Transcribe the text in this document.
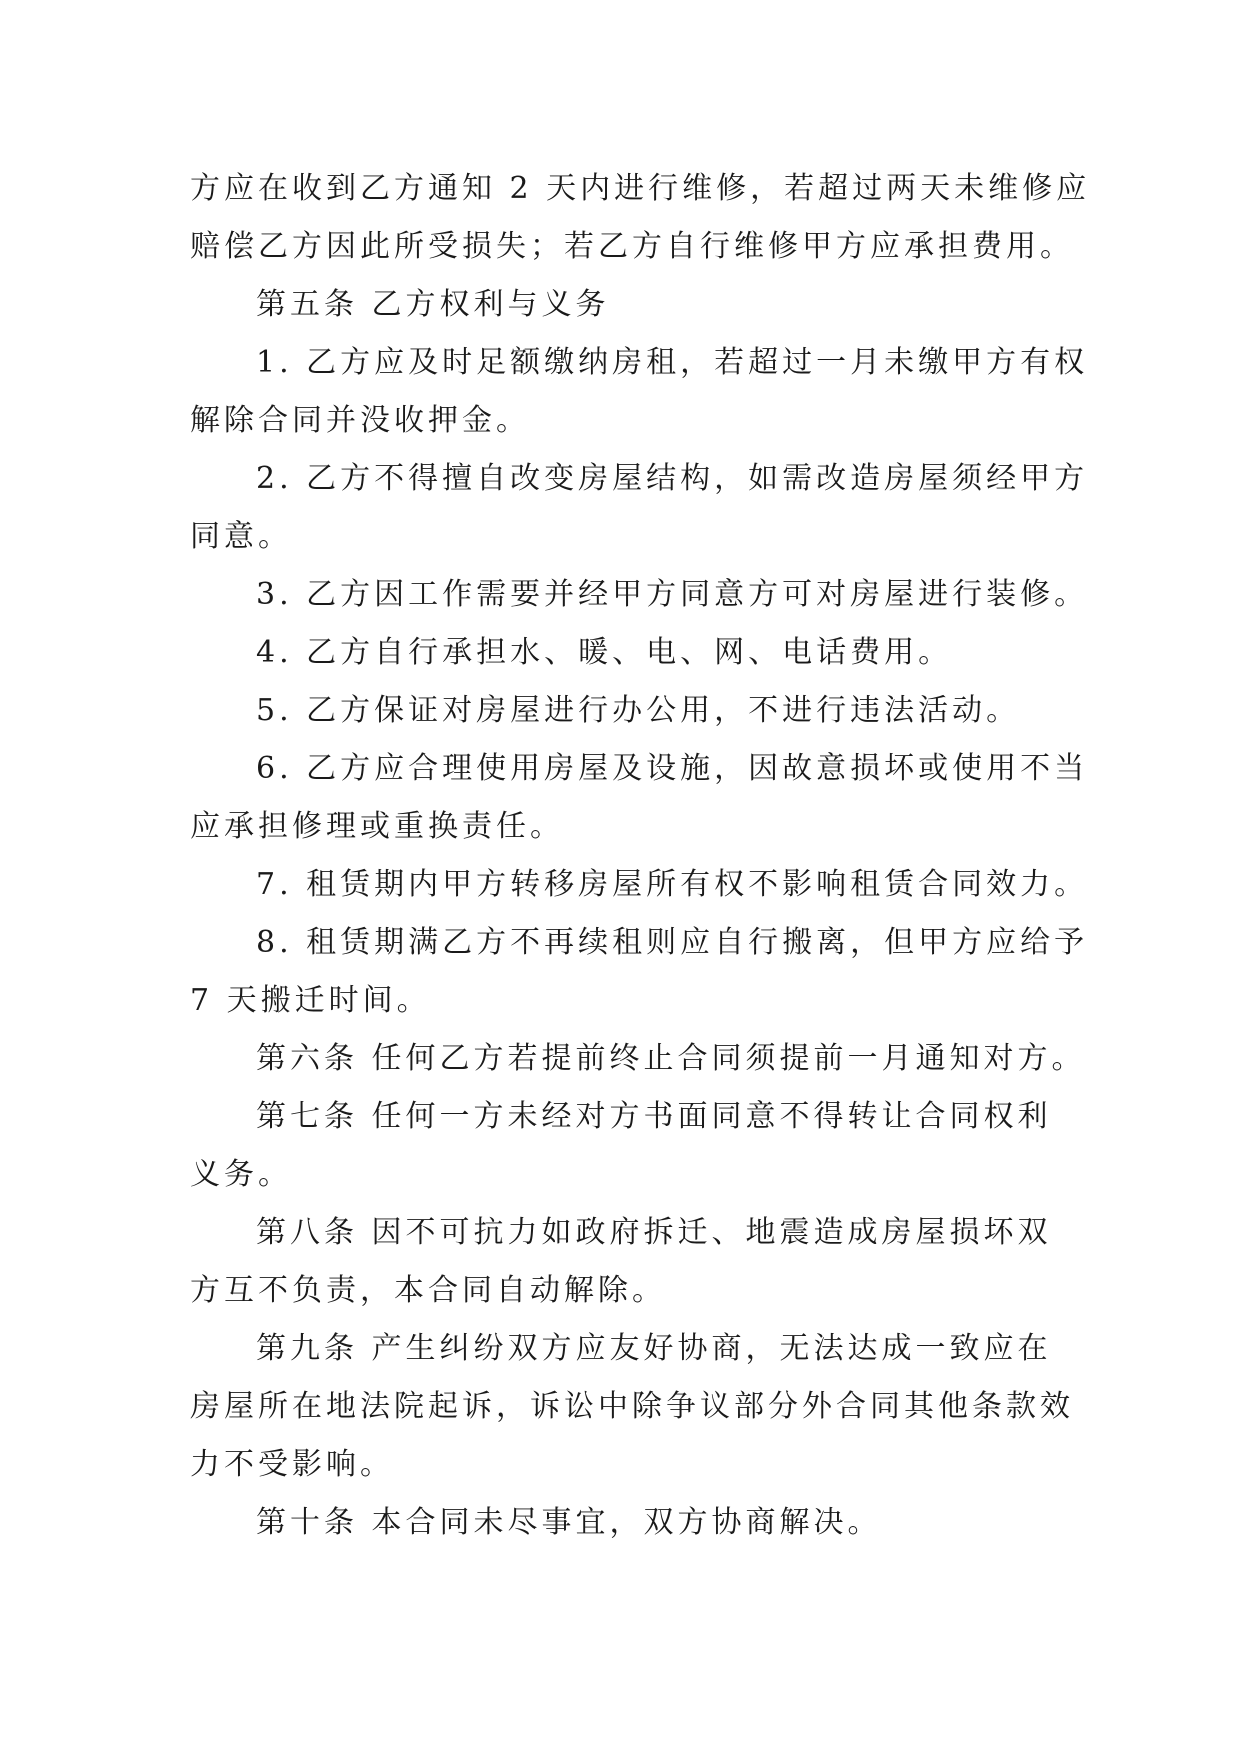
方应在收到乙方通知 2 天内进行维修，若超过两天未维修应
赔偿乙方因此所受损失；若乙方自行维修甲方应承担费用。
第五条 乙方权利与义务
1. 乙方应及时足额缴纳房租，若超过一月未缴甲方有权
解除合同并没收押金。
2. 乙方不得擅自改变房屋结构，如需改造房屋须经甲方
同意。
3. 乙方因工作需要并经甲方同意方可对房屋进行装修。
4. 乙方自行承担水、暖、电、网、电话费用。
5. 乙方保证对房屋进行办公用，不进行违法活动。
6. 乙方应合理使用房屋及设施，因故意损坏或使用不当
应承担修理或重换责任。
7. 租赁期内甲方转移房屋所有权不影响租赁合同效力。
8. 租赁期满乙方不再续租则应自行搬离，但甲方应给予
7 天搬迁时间。
第六条 任何乙方若提前终止合同须提前一月通知对方。
第七条 任何一方未经对方书面同意不得转让合同权利
义务。
第八条 因不可抗力如政府拆迁、地震造成房屋损坏双
方互不负责，本合同自动解除。
第九条 产生纠纷双方应友好协商，无法达成一致应在
房屋所在地法院起诉，诉讼中除争议部分外合同其他条款效
力不受影响。
第十条 本合同未尽事宜，双方协商解决。
